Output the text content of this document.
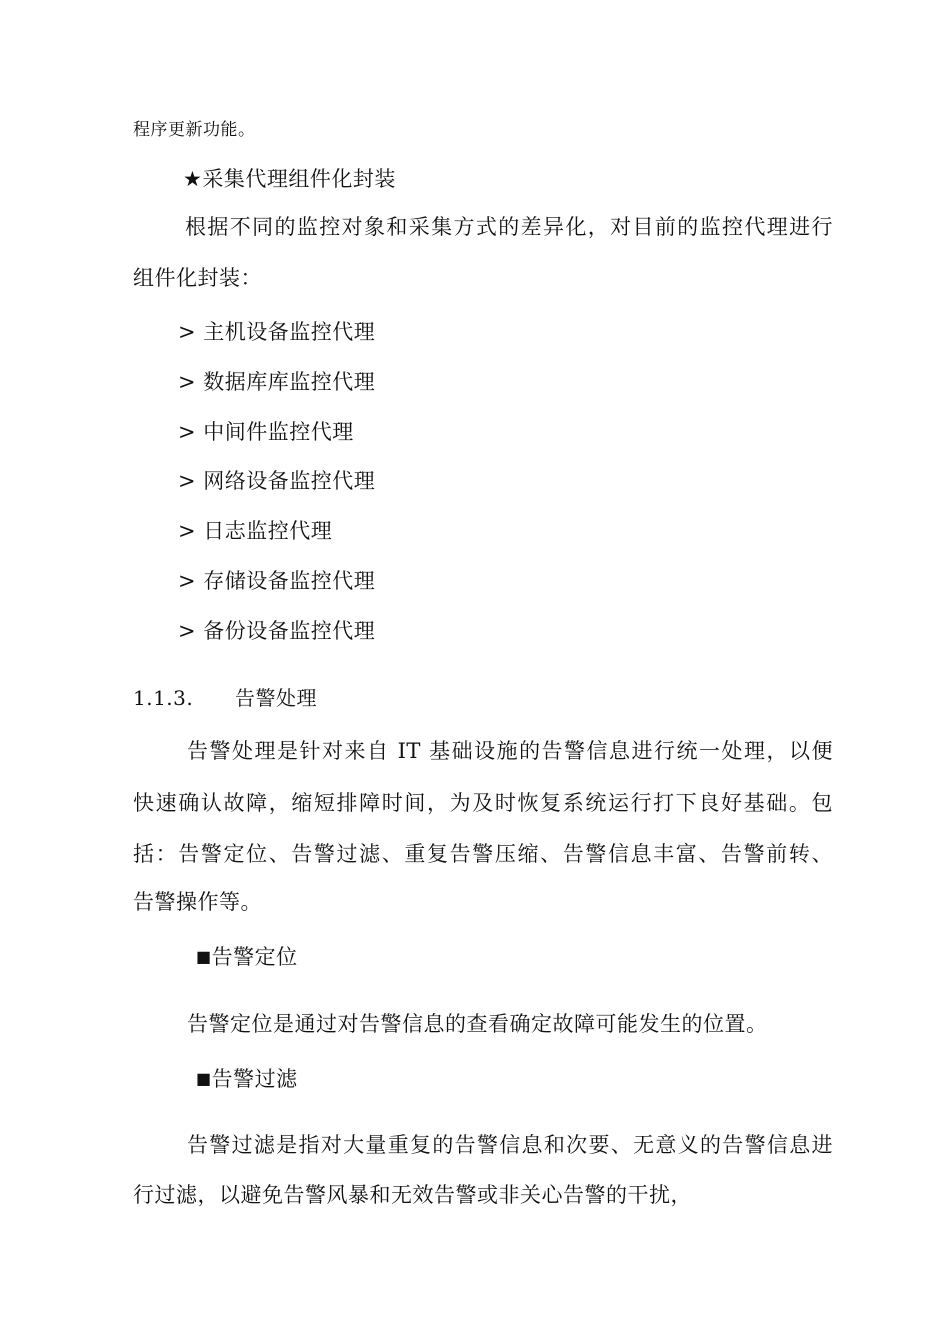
程序更新功能。
★采集代理组件化封装
根据不同的监控对象和采集方式的差异化，对目前的监控代理进行
组件化封装：
> 主机设备监控代理
> 数据库库监控代理
> 中间件监控代理
> 网络设备监控代理
> 日志监控代理
> 存储设备监控代理
> 备份设备监控代理
1.1.3. 告警处理
告警处理是针对来自 IT 基础设施的告警信息进行统一处理，以便
快速确认故障，缩短排障时间，为及时恢复系统运行打下良好基础。包
括：告警定位、告警过滤、重复告警压缩、告警信息丰富、告警前转、
告警操作等。
■告警定位
告警定位是通过对告警信息的查看确定故障可能发生的位置。
■告警过滤
告警过滤是指对大量重复的告警信息和次要、无意义的告警信息进
行过滤，以避免告警风暴和无效告警或非关心告警的干扰，
